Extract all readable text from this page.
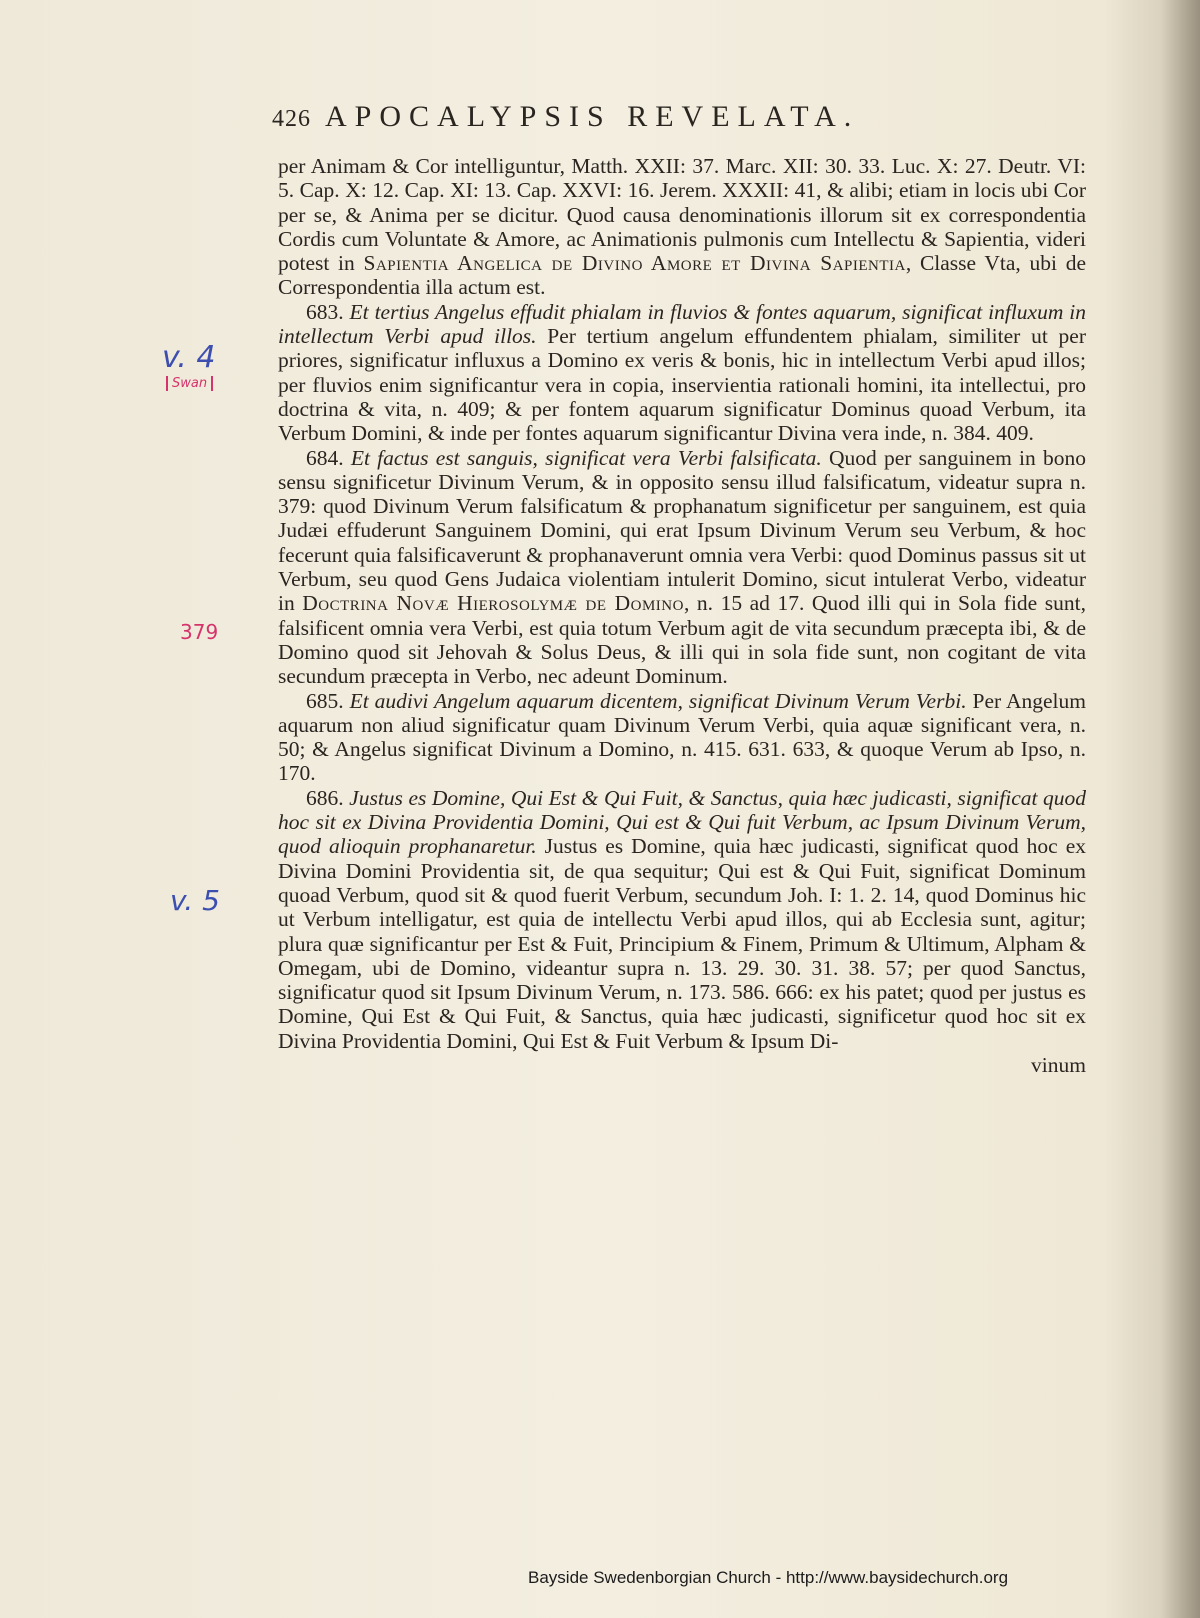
426 APOCALYPSIS REVELATA.
v. 4
Swan
379
v. 5

per Animam & Cor intelliguntur, Matth. XXII: 37. Marc. XII: 30. 33. Luc. X: 27. Deutr. VI: 5. Cap. X: 12. Cap. XI: 13. Cap. XXVI: 16. Jerem. XXXII: 41, & alibi; etiam in locis ubi Cor per se, & Anima per se dicitur. Quod causa denominationis illorum sit ex correspondentia Cordis cum Voluntate & Amore, ac Animationis pulmonis cum Intellectu & Sapientia, videri potest in Sapientia Angelica de Divino Amore et Divina Sapientia, Classe Vta, ubi de Correspondentia illa actum est.

683. Et tertius Angelus effudit phialam in fluvios & fontes aquarum, significat influxum in intellectum Verbi apud illos. Per tertium angelum effundentem phialam, similiter ut per priores, significatur influxus a Domino ex veris & bonis, hic in intellectum Verbi apud illos; per fluvios enim significantur vera in copia, inservientia rationali homini, ita intellectui, pro doctrina & vita, n. 409; & per fontem aquarum significatur Dominus quoad Verbum, ita Verbum Domini, & inde per fontes aquarum significantur Divina vera inde, n. 384. 409.

684. Et factus est sanguis, significat vera Verbi falsificata. Quod per sanguinem in bono sensu significetur Divinum Verum, & in opposito sensu illud falsificatum, videatur supra n. 379: quod Divinum Verum falsificatum & prophanatum significetur per sanguinem, est quia Judæi effuderunt Sanguinem Domini, qui erat Ipsum Divinum Verum seu Verbum, & hoc fecerunt quia falsificaverunt & prophanaverunt omnia vera Verbi: quod Dominus passus sit ut Verbum, seu quod Gens Judaica violentiam intulerit Domino, sicut intulerat Verbo, videatur in Doctrina Novæ Hierosolymæ de Domino, n. 15 ad 17. Quod illi qui in Sola fide sunt, falsificent omnia vera Verbi, est quia totum Verbum agit de vita secundum præcepta ibi, & de Domino quod sit Jehovah & Solus Deus, & illi qui in sola fide sunt, non cogitant de vita secundum præcepta in Verbo, nec adeunt Dominum.

685. Et audivi Angelum aquarum dicentem, significat Divinum Verum Verbi. Per Angelum aquarum non aliud significatur quam Divinum Verum Verbi, quia aquæ significant vera, n. 50; & Angelus significat Divinum a Domino, n. 415. 631. 633, & quoque Verum ab Ipso, n. 170.

686. Justus es Domine, Qui Est & Qui Fuit, & Sanctus, quia hæc judicasti, significat quod hoc sit ex Divina Providentia Domini, Qui est & Qui fuit Verbum, ac Ipsum Divinum Verum, quod alioquin prophanaretur. Justus es Domine, quia hæc judicasti, significat quod hoc ex Divina Domini Providentia sit, de qua sequitur; Qui est & Qui Fuit, significat Dominum quoad Verbum, quod sit & quod fuerit Verbum, secundum Joh. I: 1. 2. 14, quod Dominus hic ut Verbum intelligatur, est quia de intellectu Verbi apud illos, qui ab Ecclesia sunt, agitur; plura quæ significantur per Est & Fuit, Principium & Finem, Primum & Ultimum, Alpham & Omegam, ubi de Domino, videantur supra n. 13. 29. 30. 31. 38. 57; per quod Sanctus, significatur quod sit Ipsum Divinum Verum, n. 173. 586. 666: ex his patet; quod per justus es Domine, Qui Est & Qui Fuit, & Sanctus, quia hæc judicasti, significetur quod hoc sit ex Divina Providentia Domini, Qui Est & Fuit Verbum & Ipsum Di-

vinum

Bayside Swedenborgian Church - http://www.baysidechurch.org
